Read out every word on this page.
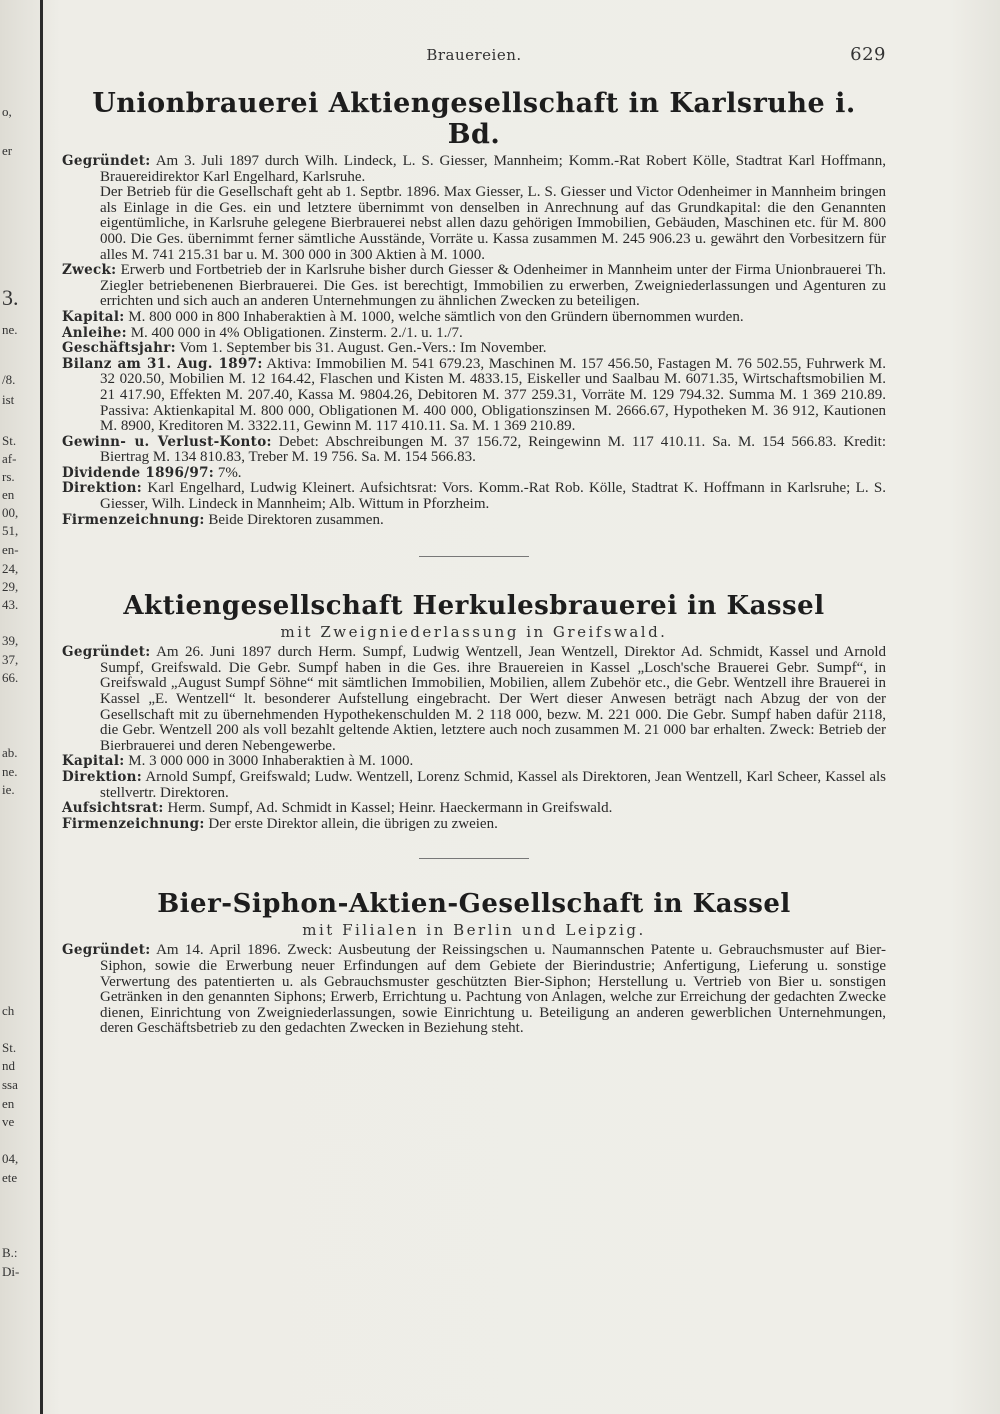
o,
er
3.
ne.
/8.
ist
St.
af-
rs.
en
00,
51,
en-
24,
29,
43.
39,
37,
66.
ab.
ne.
ie.
ch
St.
nd
ssa
en
ve
04,
ete
B.:
Di-
Brauereien.	629
Unionbrauerei Aktiengesellschaft in Karlsruhe i. Bd.

Gegründet: Am 3. Juli 1897 durch Wilh. Lindeck, L. S. Giesser, Mannheim; Komm.-Rat Robert Kölle, Stadtrat Karl Hoffmann, Brauereidirektor Karl Engelhard, Karlsruhe.

Der Betrieb für die Gesellschaft geht ab 1. Septbr. 1896. Max Giesser, L. S. Giesser und Victor Odenheimer in Mannheim bringen als Einlage in die Ges. ein und letztere übernimmt von denselben in Anrechnung auf das Grundkapital: die den Genannten eigentümliche, in Karlsruhe gelegene Bierbrauerei nebst allen dazu gehörigen Immobilien, Gebäuden, Maschinen etc. für M. 800 000. Die Ges. übernimmt ferner sämtliche Ausstände, Vorräte u. Kassa zusammen M. 245 906.23 u. gewährt den Vorbesitzern für alles M. 741 215.31 bar u. M. 300 000 in 300 Aktien à M. 1000.

Zweck: Erwerb und Fortbetrieb der in Karlsruhe bisher durch Giesser & Odenheimer in Mannheim unter der Firma Unionbrauerei Th. Ziegler betriebenenen Bierbrauerei. Die Ges. ist berechtigt, Immobilien zu erwerben, Zweigniederlassungen und Agenturen zu errichten und sich auch an anderen Unternehmungen zu ähnlichen Zwecken zu beteiligen.

Kapital: M. 800 000 in 800 Inhaberaktien à M. 1000, welche sämtlich von den Gründern übernommen wurden.

Anleihe: M. 400 000 in 4% Obligationen. Zinsterm. 2./1. u. 1./7.

Geschäftsjahr: Vom 1. September bis 31. August. Gen.-Vers.: Im November.

Bilanz am 31. Aug. 1897: Aktiva: Immobilien M. 541 679.23, Maschinen M. 157 456.50, Fastagen M. 76 502.55, Fuhrwerk M. 32 020.50, Mobilien M. 12 164.42, Flaschen und Kisten M. 4833.15, Eiskeller und Saalbau M. 6071.35, Wirtschaftsmobilien M. 21 417.90, Effekten M. 207.40, Kassa M. 9804.26, Debitoren M. 377 259.31, Vorräte M. 129 794.32. Summa M. 1 369 210.89. Passiva: Aktienkapital M. 800 000, Obligationen M. 400 000, Obligationszinsen M. 2666.67, Hypotheken M. 36 912, Kautionen M. 8900, Kreditoren M. 3322.11, Gewinn M. 117 410.11. Sa. M. 1 369 210.89.

Gewinn- u. Verlust-Konto: Debet: Abschreibungen M. 37 156.72, Reingewinn M. 117 410.11. Sa. M. 154 566.83. Kredit: Biertrag M. 134 810.83, Treber M. 19 756. Sa. M. 154 566.83.

Dividende 1896/97: 7%.

Direktion: Karl Engelhard, Ludwig Kleinert. Aufsichtsrat: Vors. Komm.-Rat Rob. Kölle, Stadtrat K. Hoffmann in Karlsruhe; L. S. Giesser, Wilh. Lindeck in Mannheim; Alb. Wittum in Pforzheim.

Firmenzeichnung: Beide Direktoren zusammen.

Aktiengesellschaft Herkulesbrauerei in Kassel
mit Zweigniederlassung in Greifswald.

Gegründet: Am 26. Juni 1897 durch Herm. Sumpf, Ludwig Wentzell, Jean Wentzell, Direktor Ad. Schmidt, Kassel und Arnold Sumpf, Greifswald. Die Gebr. Sumpf haben in die Ges. ihre Brauereien in Kassel „Losch'sche Brauerei Gebr. Sumpf“, in Greifswald „August Sumpf Söhne“ mit sämtlichen Immobilien, Mobilien, allem Zubehör etc., die Gebr. Wentzell ihre Brauerei in Kassel „E. Wentzell“ lt. besonderer Aufstellung eingebracht. Der Wert dieser Anwesen beträgt nach Abzug der von der Gesellschaft mit zu übernehmenden Hypothekenschulden M. 2 118 000, bezw. M. 221 000. Die Gebr. Sumpf haben dafür 2118, die Gebr. Wentzell 200 als voll bezahlt geltende Aktien, letztere auch noch zusammen M. 21 000 bar erhalten. Zweck: Betrieb der Bierbrauerei und deren Nebengewerbe.

Kapital: M. 3 000 000 in 3000 Inhaberaktien à M. 1000.

Direktion: Arnold Sumpf, Greifswald; Ludw. Wentzell, Lorenz Schmid, Kassel als Direktoren, Jean Wentzell, Karl Scheer, Kassel als stellvertr. Direktoren.

Aufsichtsrat: Herm. Sumpf, Ad. Schmidt in Kassel; Heinr. Haeckermann in Greifswald.

Firmenzeichnung: Der erste Direktor allein, die übrigen zu zweien.

Bier-Siphon-Aktien-Gesellschaft in Kassel
mit Filialen in Berlin und Leipzig.

Gegründet: Am 14. April 1896. Zweck: Ausbeutung der Reissingschen u. Naumannschen Patente u. Gebrauchsmuster auf Bier-Siphon, sowie die Erwerbung neuer Erfindungen auf dem Gebiete der Bierindustrie; Anfertigung, Lieferung u. sonstige Verwertung des patentierten u. als Gebrauchsmuster geschützten Bier-Siphon; Herstellung u. Vertrieb von Bier u. sonstigen Getränken in den genannten Siphons; Erwerb, Errichtung u. Pachtung von Anlagen, welche zur Erreichung der gedachten Zwecke dienen, Einrichtung von Zweigniederlassungen, sowie Einrichtung u. Beteiligung an anderen gewerblichen Unternehmungen, deren Geschäftsbetrieb zu den gedachten Zwecken in Beziehung steht.
